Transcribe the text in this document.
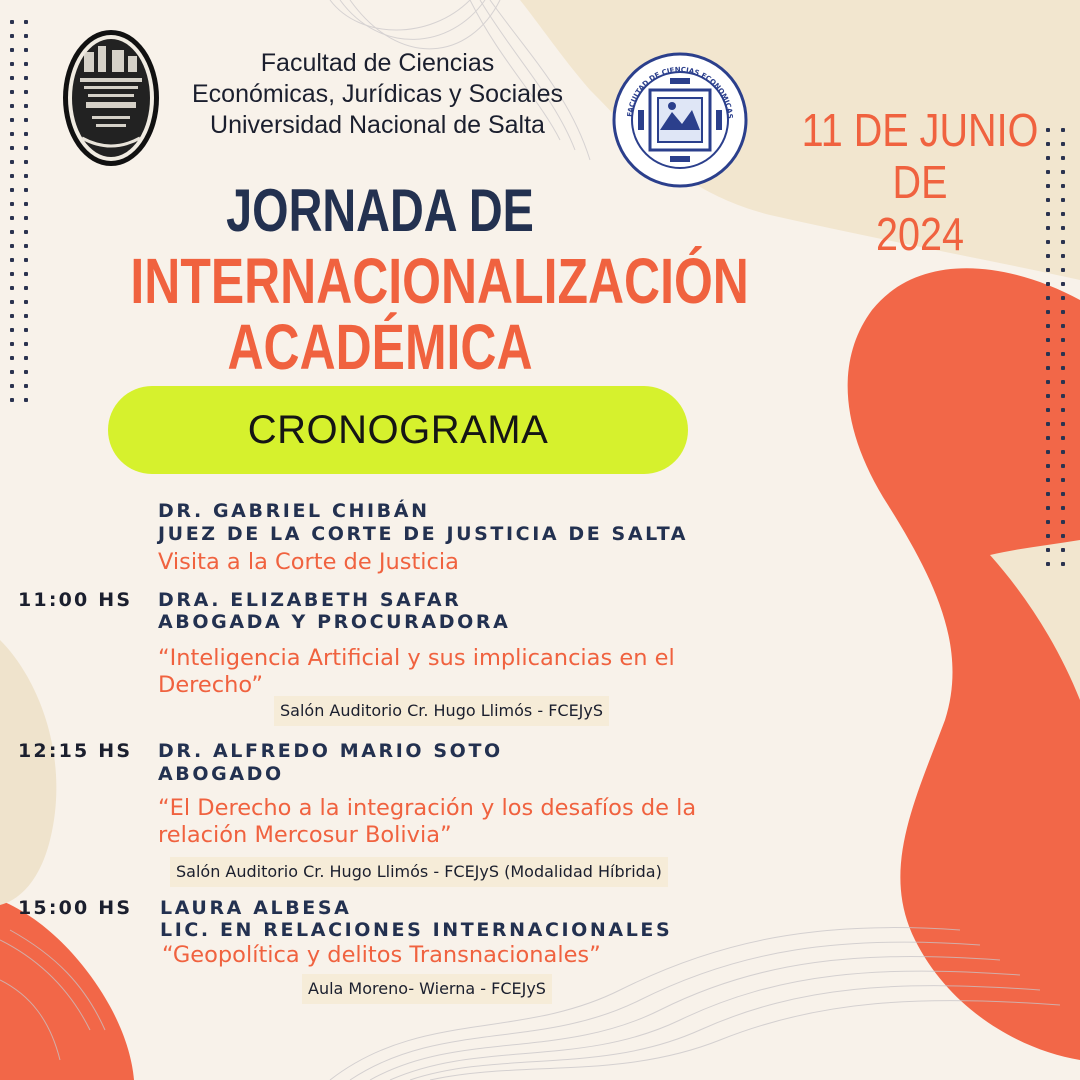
Facultad de Ciencias
Económicas, Jurídicas y Sociales
Universidad Nacional de Salta	FACULTAD DE CIENCIAS ECONOMICAS 11 DE JUNIO DE
2024
JORNADA DE
INTERNACIONALIZACIÓN
ACADÉMICA
CRONOGRAMA
DR. GABRIEL CHIBÁN
JUEZ DE LA CORTE DE JUSTICIA DE SALTA
Visita a la Corte de Justicia
11:00 HS DRA. ELIZABETH SAFAR
ABOGADA Y PROCURADORA
“Inteligencia Artificial y sus implicancias en el
Derecho”
Salón Auditorio Cr. Hugo Llimós - FCEJyS
12:15 HS DR. ALFREDO MARIO SOTO
ABOGADO
“El Derecho a la integración y los desafíos de la
relación Mercosur Bolivia”
Salón Auditorio Cr. Hugo Llimós - FCEJyS (Modalidad Híbrida)
15:00 HS LAURA ALBESA
LIC. EN RELACIONES INTERNACIONALES
“Geopolítica y delitos Transnacionales”
Aula Moreno- Wierna - FCEJyS
